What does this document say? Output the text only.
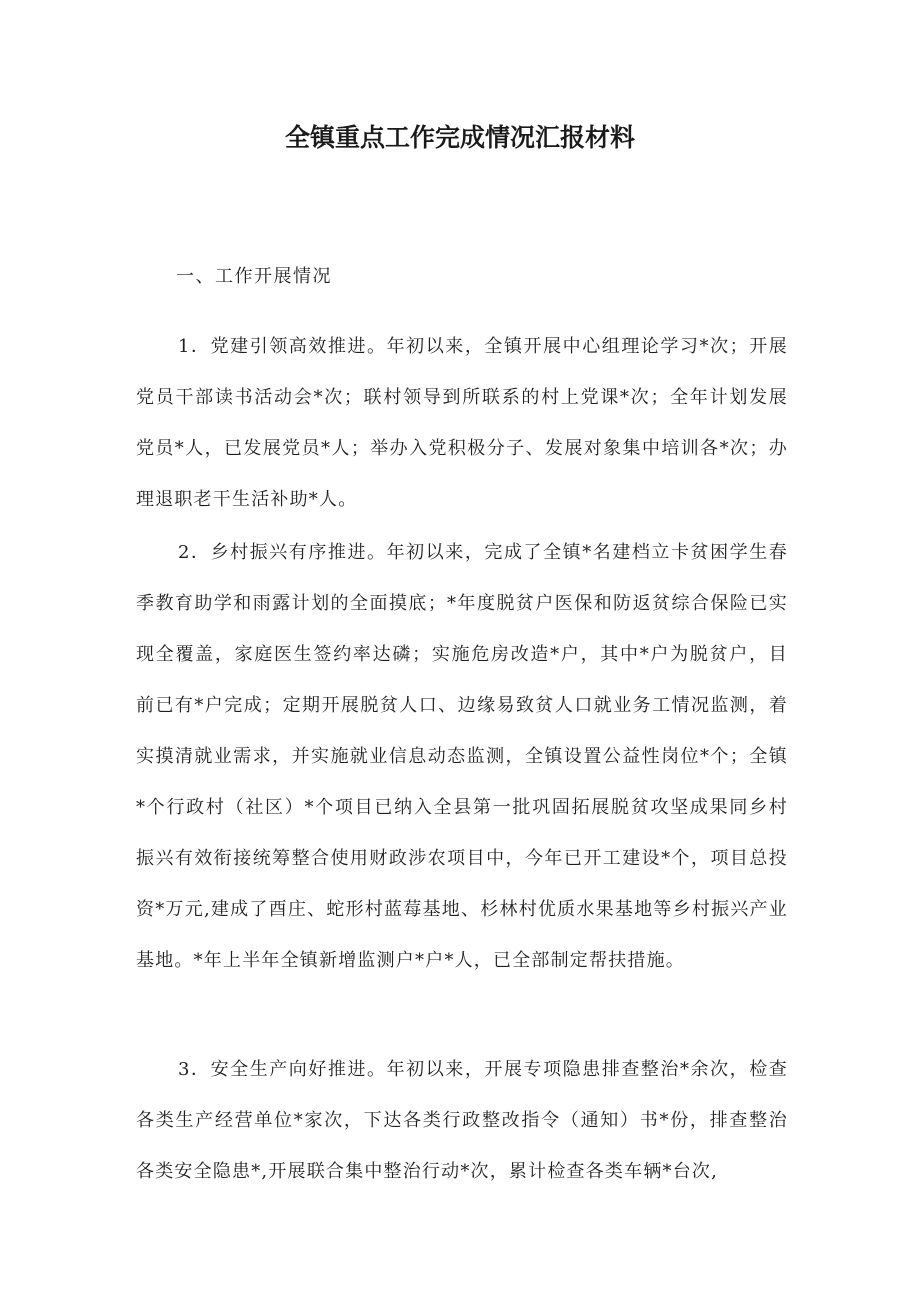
全镇重点工作完成情况汇报材料

一、工作开展情况

1．党建引领高效推进。年初以来，全镇开展中心组理论学习*次；开展党员干部读书活动会*次；联村领导到所联系的村上党课*次；全年计划发展党员*人，已发展党员*人；举办入党积极分子、发展对象集中培训各*次；办理退职老干生活补助*人。

2．乡村振兴有序推进。年初以来，完成了全镇*名建档立卡贫困学生春季教育助学和雨露计划的全面摸底；*年度脱贫户医保和防返贫综合保险已实现全覆盖，家庭医生签约率达磷；实施危房改造*户，其中*户为脱贫户，目前已有*户完成；定期开展脱贫人口、边缘易致贫人口就业务工情况监测，着实摸清就业需求，并实施就业信息动态监测，全镇设置公益性岗位*个；全镇*个行政村（社区）*个项目已纳入全县第一批巩固拓展脱贫攻坚成果同乡村振兴有效衔接统筹整合使用财政涉农项目中，今年已开工建设*个，项目总投资*万元,建成了酉庄、蛇形村蓝莓基地、杉林村优质水果基地等乡村振兴产业基地。*年上半年全镇新增监测户*户*人，已全部制定帮扶措施。

3．安全生产向好推进。年初以来，开展专项隐患排查整治*余次，检查各类生产经营单位*家次，下达各类行政整改指令（通知）书*份，排查整治各类安全隐患*,开展联合集中整治行动*次，累计检查各类车辆*台次,
